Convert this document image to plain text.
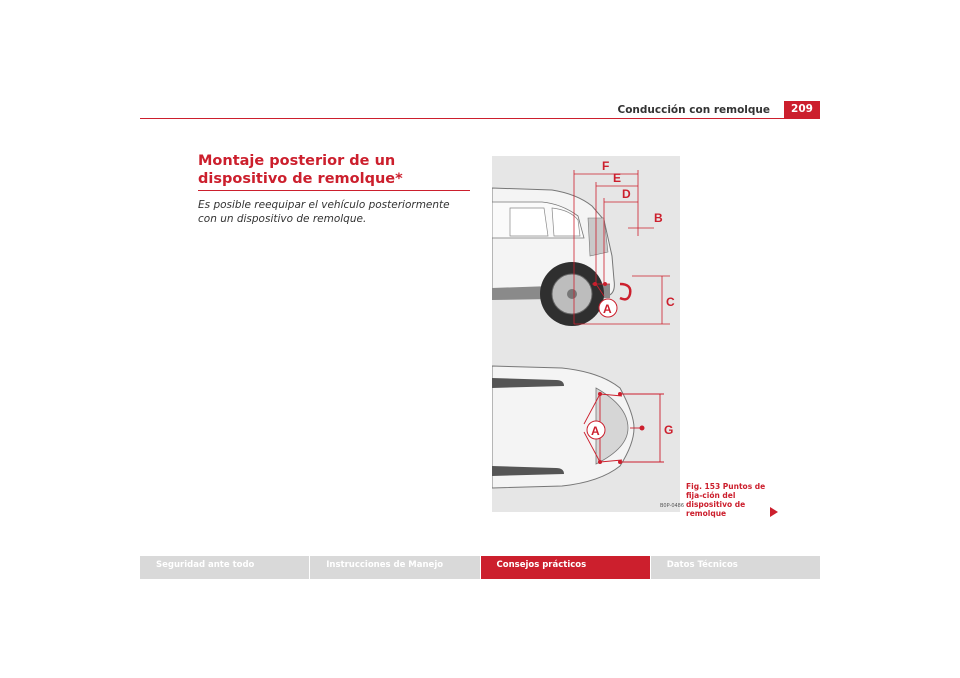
Conducción con remolque	209
Montaje posterior de un dispositivo de remolque*
Es posible reequipar el vehículo posteriormente con un dispositivo de remolque.
F
E
D
B
C
A
G
A
B0P-0486
Fig. 153 Puntos de fija-ción del dispositivo de remolque
Seguridad ante todo	Instrucciones de Manejo	Consejos prácticos	Datos Técnicos
